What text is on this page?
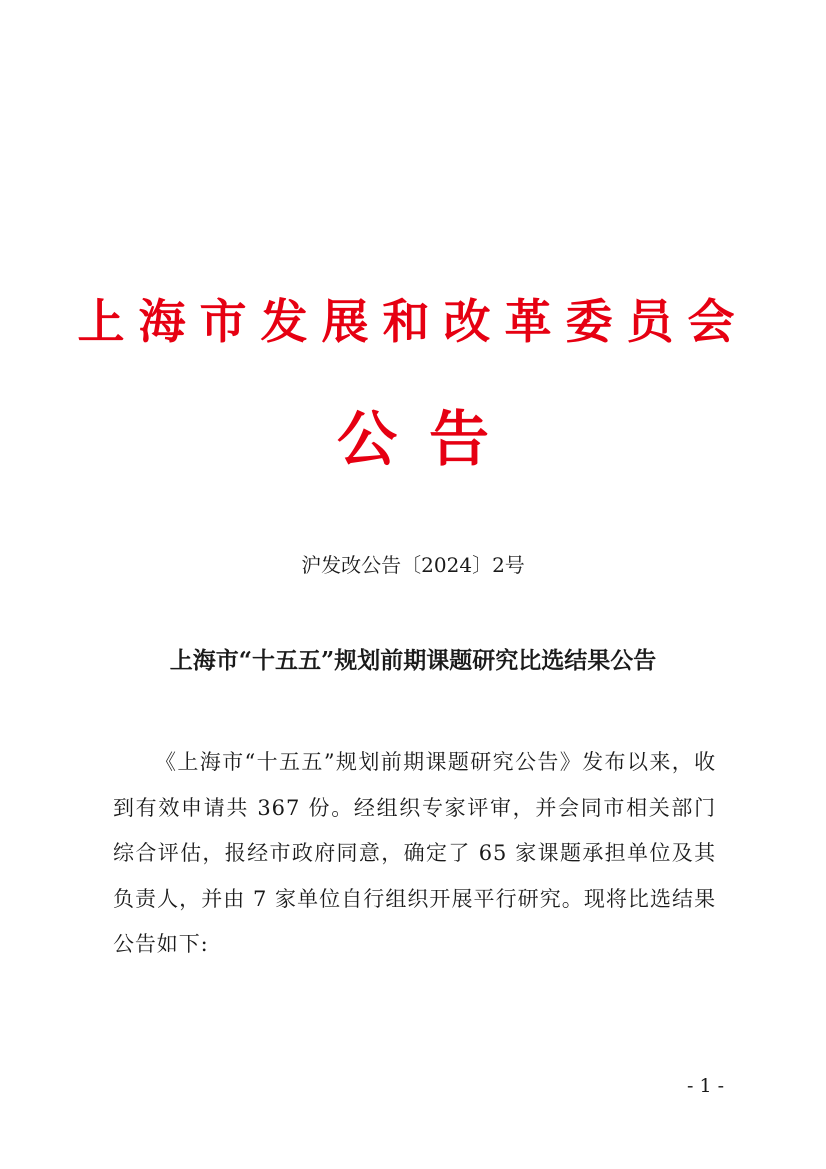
上海市发展和改革委员会
公告
沪发改公告〔2024〕2号
上海市“十五五”规划前期课题研究比选结果公告

《上海市“十五五”规划前期课题研究公告》发布以来，收到有效申请共 367 份。经组织专家评审，并会同市相关部门综合评估，报经市政府同意，确定了 65 家课题承担单位及其负责人，并由 7 家单位自行组织开展平行研究。现将比选结果公告如下:

- 1 -
